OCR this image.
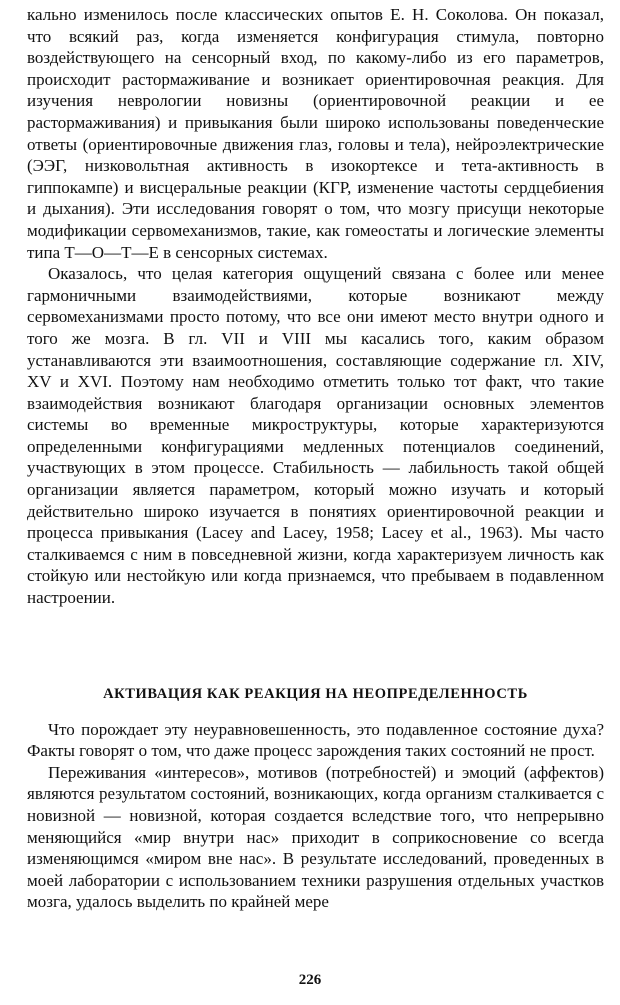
кально изменилось после классических опытов Е. Н. Соколова. Он показал, что всякий раз, когда изменяется конфигурация стимула, повторно воздействующего на сенсорный вход, по какому-либо из его параметров, происходит растормаживание и возникает ориентировочная реакция. Для изучения неврологии новизны (ориентировочной реакции и ее растормаживания) и привыкания были широко использованы поведенческие ответы (ориентировочные движения глаз, головы и тела), нейроэлектрические (ЭЭГ, низковольтная активность в изокортексе и тета-активность в гиппокампе) и висцеральные реакции (КГР, изменение частоты сердцебиения и дыхания). Эти исследования говорят о том, что мозгу присущи некоторые модификации сервомеханизмов, такие, как гомеостаты и логические элементы типа Т—О—Т—Е в сенсорных системах.

Оказалось, что целая категория ощущений связана с более или менее гармоничными взаимодействиями, которые возникают между сервомеханизмами просто потому, что все они имеют место внутри одного и того же мозга. В гл. VII и VIII мы касались того, каким образом устанавливаются эти взаимоотношения, составляющие содержание гл. XIV, XV и XVI. Поэтому нам необходимо отметить только тот факт, что такие взаимодействия возникают благодаря организации основных элементов системы во временные микроструктуры, которые характеризуются определенными конфигурациями медленных потенциалов соединений, участвующих в этом процессе. Стабильность — лабильность такой общей организации является параметром, который можно изучать и который действительно широко изучается в понятиях ориентировочной реакции и процесса привыкания (Lacey and Lacey, 1958; Lacey et al., 1963). Мы часто сталкиваемся с ним в повседневной жизни, когда характеризуем личность как стойкую или нестойкую или когда признаемся, что пребываем в подавленном настроении.

АКТИВАЦИЯ КАК РЕАКЦИЯ НА НЕОПРЕДЕЛЕННОСТЬ

Что порождает эту неуравновешенность, это подавленное состояние духа? Факты говорят о том, что даже процесс зарождения таких состояний не прост.

Переживания «интересов», мотивов (потребностей) и эмоций (аффектов) являются результатом состояний, возникающих, когда организм сталкивается с новизной — новизной, которая создается вследствие того, что непрерывно меняющийся «мир внутри нас» приходит в соприкосновение со всегда изменяющимся «миром вне нас». В результате исследований, проведенных в моей лаборатории с использованием техники разрушения отдельных участков мозга, удалось выделить по крайней мере

226
